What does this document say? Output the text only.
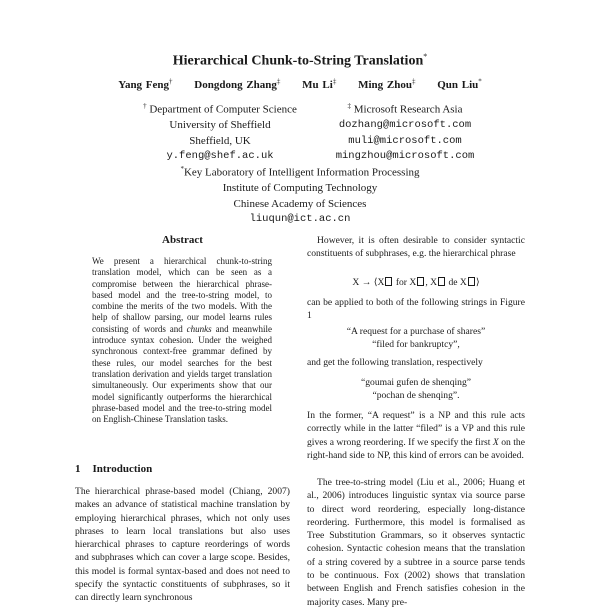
Hierarchical Chunk-to-String Translation*
Yang Feng† Dongdong Zhang‡ Mu Li‡ Ming Zhou‡ Qun Liu*
† Department of Computer Science
University of Sheffield
Sheffield, UK
y.feng@shef.ac.uk
‡ Microsoft Research Asia
dozhang@microsoft.com
muli@microsoft.com
mingzhou@microsoft.com
*Key Laboratory of Intelligent Information Processing
Institute of Computing Technology
Chinese Academy of Sciences
liuqun@ict.ac.cn
Abstract
We present a hierarchical chunk-to-string translation model, which can be seen as a compromise between the hierarchical phrase-based model and the tree-to-string model, to combine the merits of the two models. With the help of shallow parsing, our model learns rules consisting of words and chunks and meanwhile introduce syntax cohesion. Under the weighed synchronous context-free grammar defined by these rules, our model searches for the best translation derivation and yields target translation simultaneously. Our experiments show that our model significantly outperforms the hierarchical phrase-based model and the tree-to-string model on English-Chinese Translation tasks.
1 Introduction

The hierarchical phrase-based model (Chiang, 2007) makes an advance of statistical machine translation by employing hierarchical phrases, which not only uses phrases to learn local translations but also uses hierarchical phrases to capture reorderings of words and subphrases which can cover a large scope. Besides, this model is formal syntax-based and does not need to specify the syntactic constituents of subphrases, so it can directly learn synchronous

However, it is often desirable to consider syntactic constituents of subphrases, e.g. the hierarchical phrase
X → ⟨X for X , X de X ⟩
can be applied to both of the following strings in Figure 1
“A request for a purchase of shares”
“filed for bankruptcy”,
and get the following translation, respectively
“goumai gufen de shenqing”
“pochan de shenqing”.
In the former, “A request” is a NP and this rule acts correctly while in the latter “filed” is a VP and this rule gives a wrong reordering. If we specify the first X on the right-hand side to NP, this kind of errors can be avoided.
The tree-to-string model (Liu et al., 2006; Huang et al., 2006) introduces linguistic syntax via source parse to direct word reordering, especially long-distance reordering. Furthermore, this model is formalised as Tree Substitution Grammars, so it observes syntactic cohesion. Syntactic cohesion means that the translation of a string covered by a subtree in a source parse tends to be continuous. Fox (2002) shows that translation between English and French satisfies cohesion in the majority cases. Many pre-
